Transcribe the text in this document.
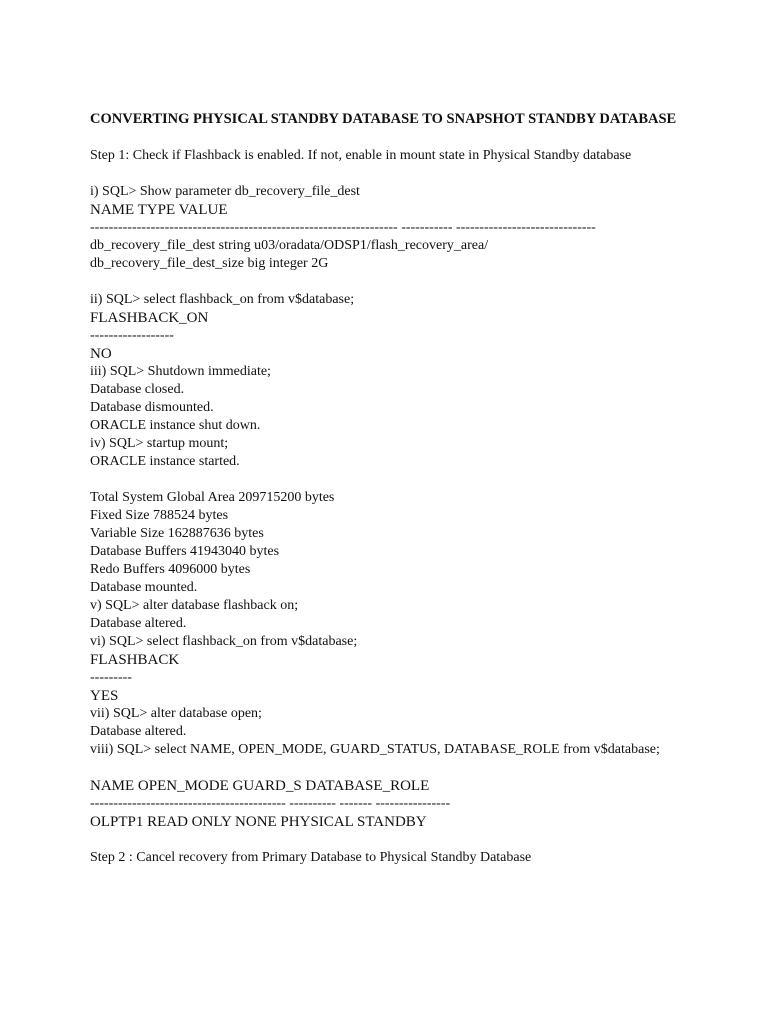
CONVERTING PHYSICAL STANDBY DATABASE TO SNAPSHOT STANDBY DATABASE

Step 1: Check if Flashback is enabled. If not, enable in mount state in Physical Standby database

i) SQL> Show parameter db_recovery_file_dest

NAME TYPE VALUE

------------------------------------------------------------------ ----------- ------------------------------

db_recovery_file_dest string u03/oradata/ODSP1/flash_recovery_area/

db_recovery_file_dest_size big integer 2G

ii) SQL> select flashback_on from v$database;

FLASHBACK_ON

------------------

NO

iii) SQL> Shutdown immediate;

Database closed.

Database dismounted.

ORACLE instance shut down.

iv) SQL> startup mount;

ORACLE instance started.

Total System Global Area 209715200 bytes

Fixed Size 788524 bytes

Variable Size 162887636 bytes

Database Buffers 41943040 bytes

Redo Buffers 4096000 bytes

Database mounted.

v) SQL> alter database flashback on;

Database altered.

vi) SQL> select flashback_on from v$database;

FLASHBACK

---------

YES

vii) SQL> alter database open;

Database altered.

viii) SQL> select NAME, OPEN_MODE, GUARD_STATUS, DATABASE_ROLE from v$database;

NAME OPEN_MODE GUARD_S DATABASE_ROLE

------------------------------------------ ---------- ------- ----------------

OLPTP1 READ ONLY NONE PHYSICAL STANDBY

Step 2 : Cancel recovery from Primary Database to Physical Standby Database
